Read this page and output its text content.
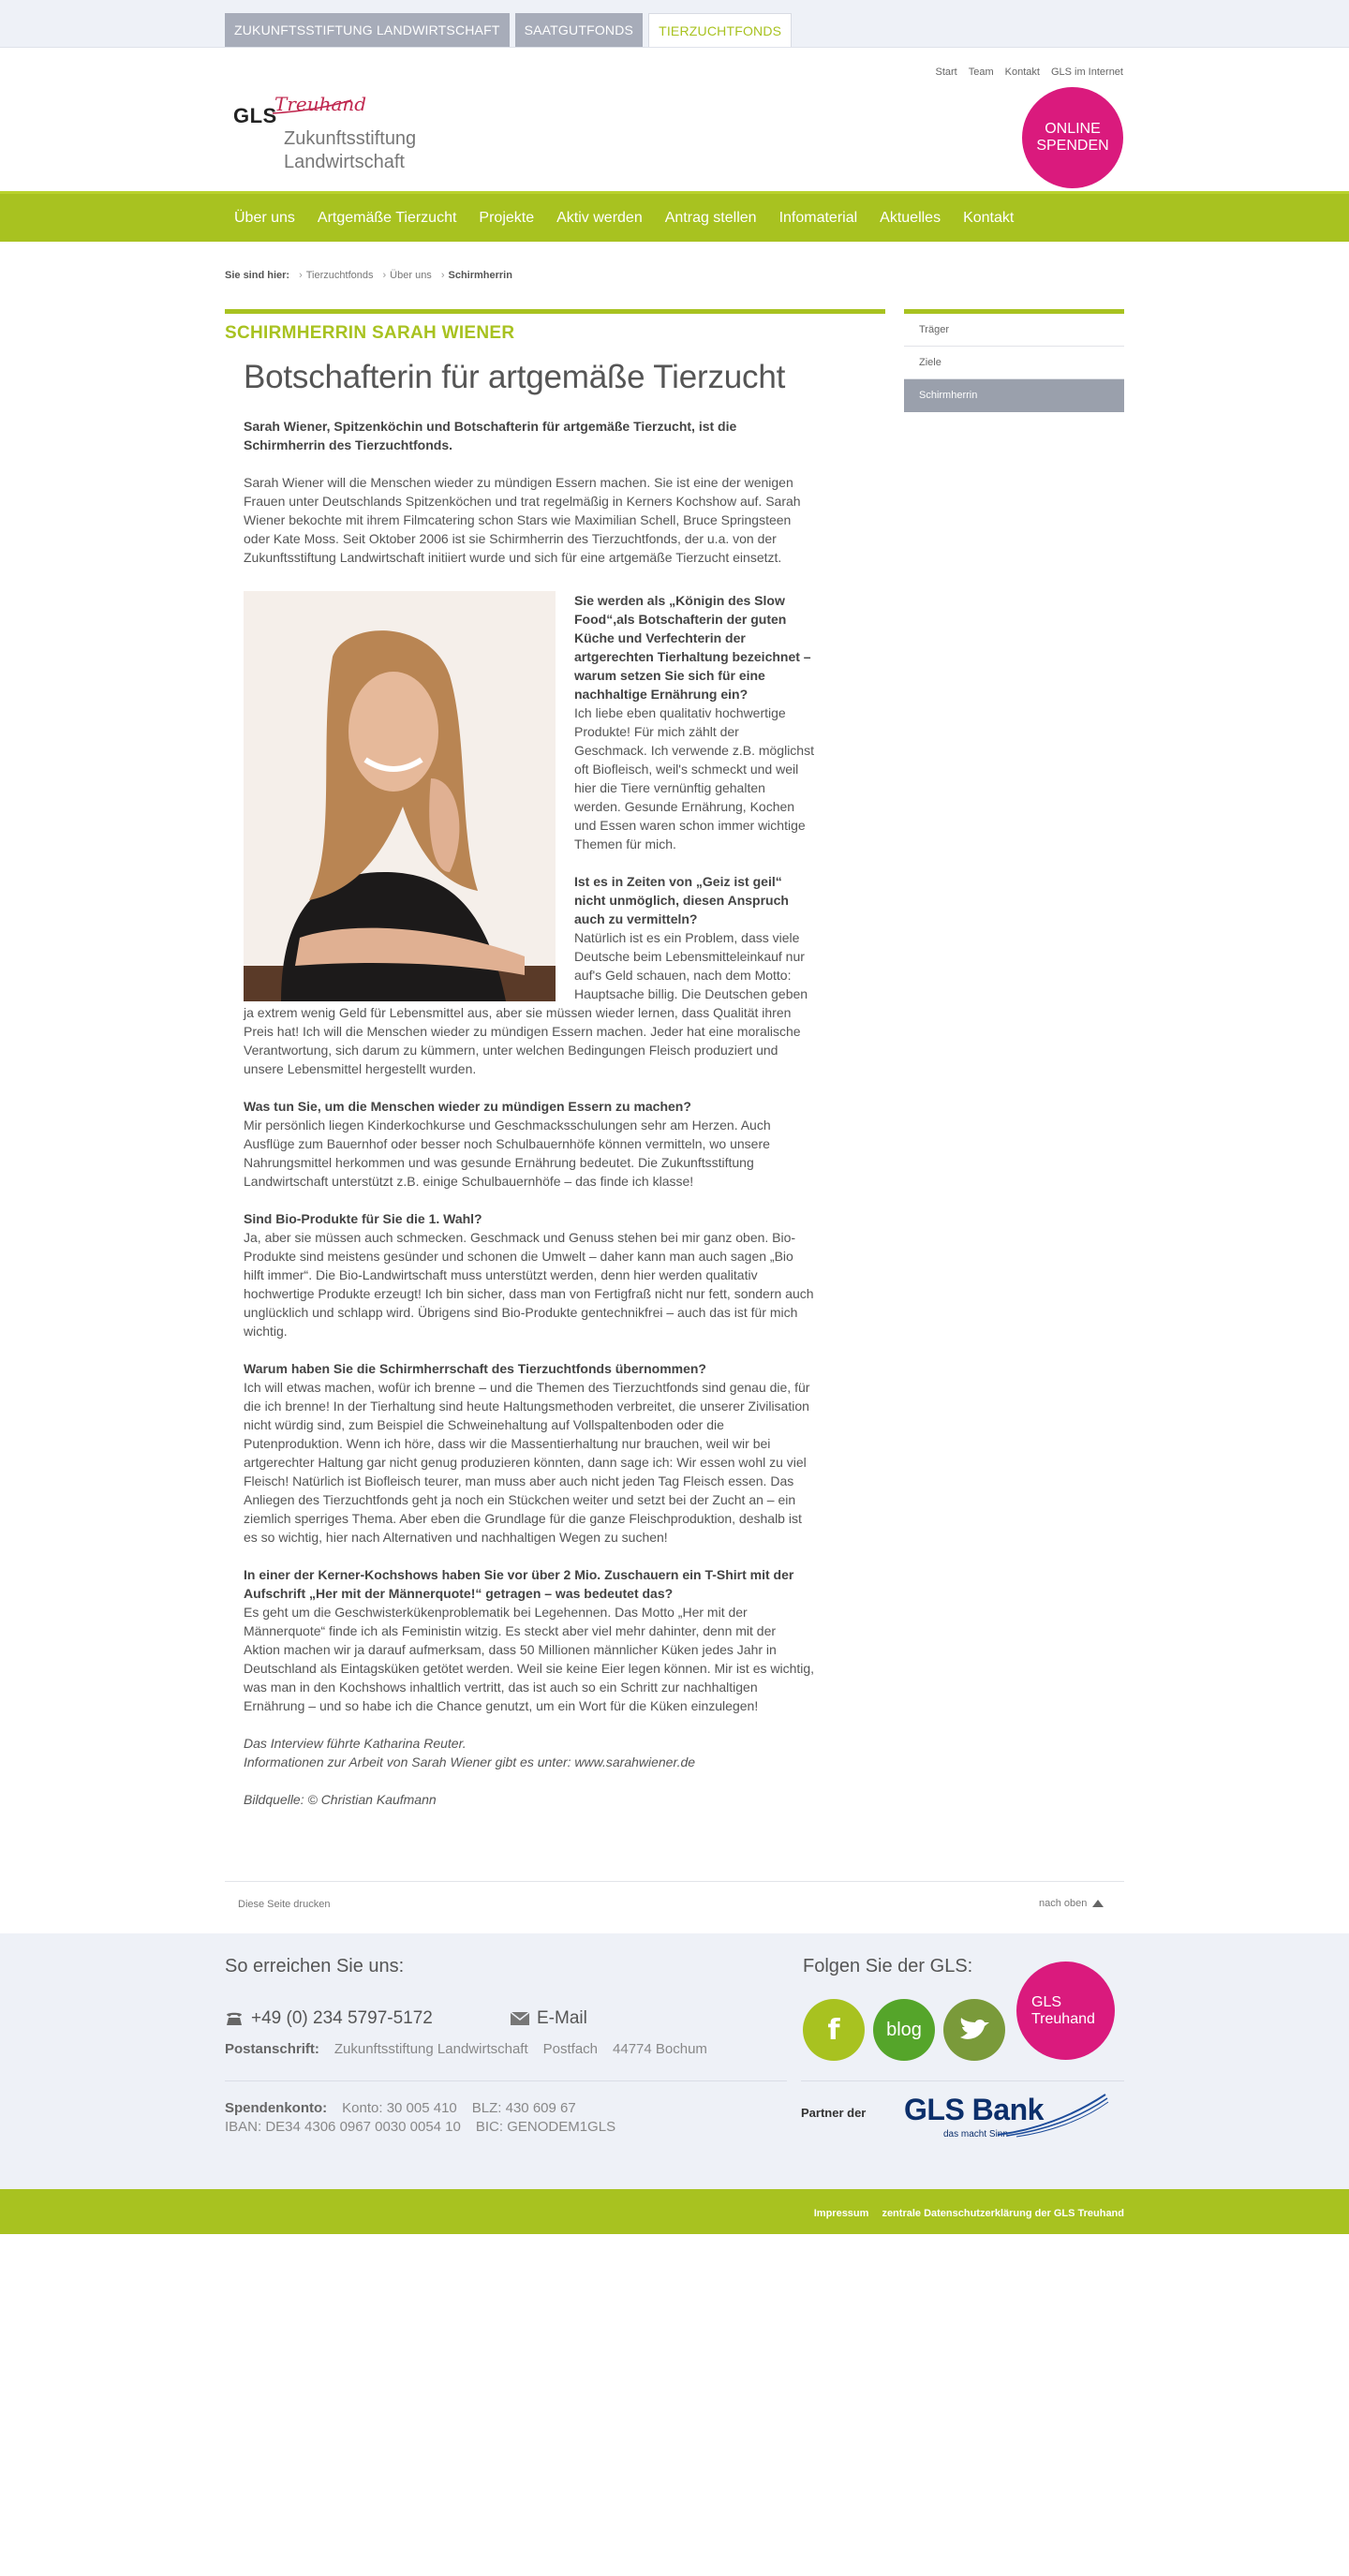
ZUKUNFTSSTIFTUNG LANDWIRTSCHAFT	SAATGUTFONDS	TIERZUCHTFONDS
Treuhand
GLS
Zukunftsstiftung
Landwirtschaft
Start Team Kontakt GLS im Internet
ONLINE
SPENDEN
Über uns Artgemäße Tierzucht Projekte Aktiv werden Antrag stellen Infomaterial Aktuelles Kontakt
Sie sind hier: › Tierzuchtfonds › Über uns › Schirmherrin
SCHIRMHERRIN SARAH WIENER
Botschafterin für artgemäße Tierzucht

Sarah Wiener, Spitzenköchin und Botschafterin für artgemäße Tierzucht, ist die Schirmherrin des Tierzuchtfonds.

Sarah Wiener will die Menschen wieder zu mündigen Essern machen. Sie ist eine der wenigen Frauen unter Deutschlands Spitzenköchen und trat regelmäßig in Kerners Kochshow auf. Sarah Wiener bekochte mit ihrem Filmcatering schon Stars wie Maximilian Schell, Bruce Springsteen oder Kate Moss. Seit Oktober 2006 ist sie Schirmherrin des Tierzuchtfonds, der u.a. von der Zukunftsstiftung Landwirtschaft initiiert wurde und sich für eine artgemäße Tierzucht einsetzt.

Sie werden als „Königin des Slow Food“,als Botschafterin der guten Küche und Verfechterin der artgerechten Tierhaltung bezeichnet – warum setzen Sie sich für eine nachhaltige Ernährung ein?
Ich liebe eben qualitativ hochwertige Produkte! Für mich zählt der Geschmack. Ich verwende z.B. möglichst oft Biofleisch, weil's schmeckt und weil hier die Tiere vernünftig gehalten werden. Gesunde Ernährung, Kochen und Essen waren schon immer wichtige Themen für mich.

Ist es in Zeiten von „Geiz ist geil“ nicht unmöglich, diesen Anspruch auch zu vermitteln?
Natürlich ist es ein Problem, dass viele Deutsche beim Lebensmitteleinkauf nur auf's Geld schauen, nach dem Motto: Hauptsache billig. Die Deutschen geben ja extrem wenig Geld für Lebensmittel aus, aber sie müssen wieder lernen, dass Qualität ihren Preis hat! Ich will die Menschen wieder zu mündigen Essern machen. Jeder hat eine moralische Verantwortung, sich darum zu kümmern, unter welchen Bedingungen Fleisch produziert und unsere Lebensmittel hergestellt wurden.

Was tun Sie, um die Menschen wieder zu mündigen Essern zu machen?
Mir persönlich liegen Kinderkochkurse und Geschmacksschulungen sehr am Herzen. Auch Ausflüge zum Bauernhof oder besser noch Schulbauernhöfe können vermitteln, wo unsere Nahrungsmittel herkommen und was gesunde Ernährung bedeutet. Die Zukunftsstiftung Landwirtschaft unterstützt z.B. einige Schulbauernhöfe – das finde ich klasse!

Sind Bio-Produkte für Sie die 1. Wahl?
Ja, aber sie müssen auch schmecken. Geschmack und Genuss stehen bei mir ganz oben. Bio-Produkte sind meistens gesünder und schonen die Umwelt – daher kann man auch sagen „Bio hilft immer“. Die Bio-Landwirtschaft muss unterstützt werden, denn hier werden qualitativ hochwertige Produkte erzeugt! Ich bin sicher, dass man von Fertigfraß nicht nur fett, sondern auch unglücklich und schlapp wird. Übrigens sind Bio-Produkte gentechnikfrei – auch das ist für mich wichtig.

Warum haben Sie die Schirmherrschaft des Tierzuchtfonds übernommen?
Ich will etwas machen, wofür ich brenne – und die Themen des Tierzuchtfonds sind genau die, für die ich brenne! In der Tierhaltung sind heute Haltungsmethoden verbreitet, die unserer Zivilisation nicht würdig sind, zum Beispiel die Schweinehaltung auf Vollspaltenboden oder die Putenproduktion. Wenn ich höre, dass wir die Massentierhaltung nur brauchen, weil wir bei artgerechter Haltung gar nicht genug produzieren könnten, dann sage ich: Wir essen wohl zu viel Fleisch! Natürlich ist Biofleisch teurer, man muss aber auch nicht jeden Tag Fleisch essen. Das Anliegen des Tierzuchtfonds geht ja noch ein Stückchen weiter und setzt bei der Zucht an – ein ziemlich sperriges Thema. Aber eben die Grundlage für die ganze Fleischproduktion, deshalb ist es so wichtig, hier nach Alternativen und nachhaltigen Wegen zu suchen!

In einer der Kerner-Kochshows haben Sie vor über 2 Mio. Zuschauern ein T-Shirt mit der Aufschrift „Her mit der Männerquote!“ getragen – was bedeutet das?
Es geht um die Geschwisterkükenproblematik bei Legehennen. Das Motto „Her mit der Männerquote“ finde ich als Feministin witzig. Es steckt aber viel mehr dahinter, denn mit der Aktion machen wir ja darauf aufmerksam, dass 50 Millionen männlicher Küken jedes Jahr in Deutschland als Eintagsküken getötet werden. Weil sie keine Eier legen können. Mir ist es wichtig, was man in den Kochshows inhaltlich vertritt, das ist auch so ein Schritt zur nachhaltigen Ernährung – und so habe ich die Chance genutzt, um ein Wort für die Küken einzulegen!

Das Interview führte Katharina Reuter.
Informationen zur Arbeit von Sarah Wiener gibt es unter: www.sarahwiener.de

Bildquelle: © Christian Kaufmann

Träger
Ziele
Schirmherrin
Diese Seite drucken	nach oben
So erreichen Sie uns:
+49 (0) 234 5797-5172	E-Mail
Postanschrift: Zukunftsstiftung Landwirtschaft Postfach 44774 Bochum
Spendenkonto: Konto: 30 005 410 BLZ: 430 609 67
IBAN: DE34 4306 0967 0030 0054 10 BIC: GENODEM1GLS
Folgen Sie der GLS:
f blog
GLS
Treuhand
Partner der GLS Bank
das macht Sinn
Impressum zentrale Datenschutzerklärung der GLS Treuhand
